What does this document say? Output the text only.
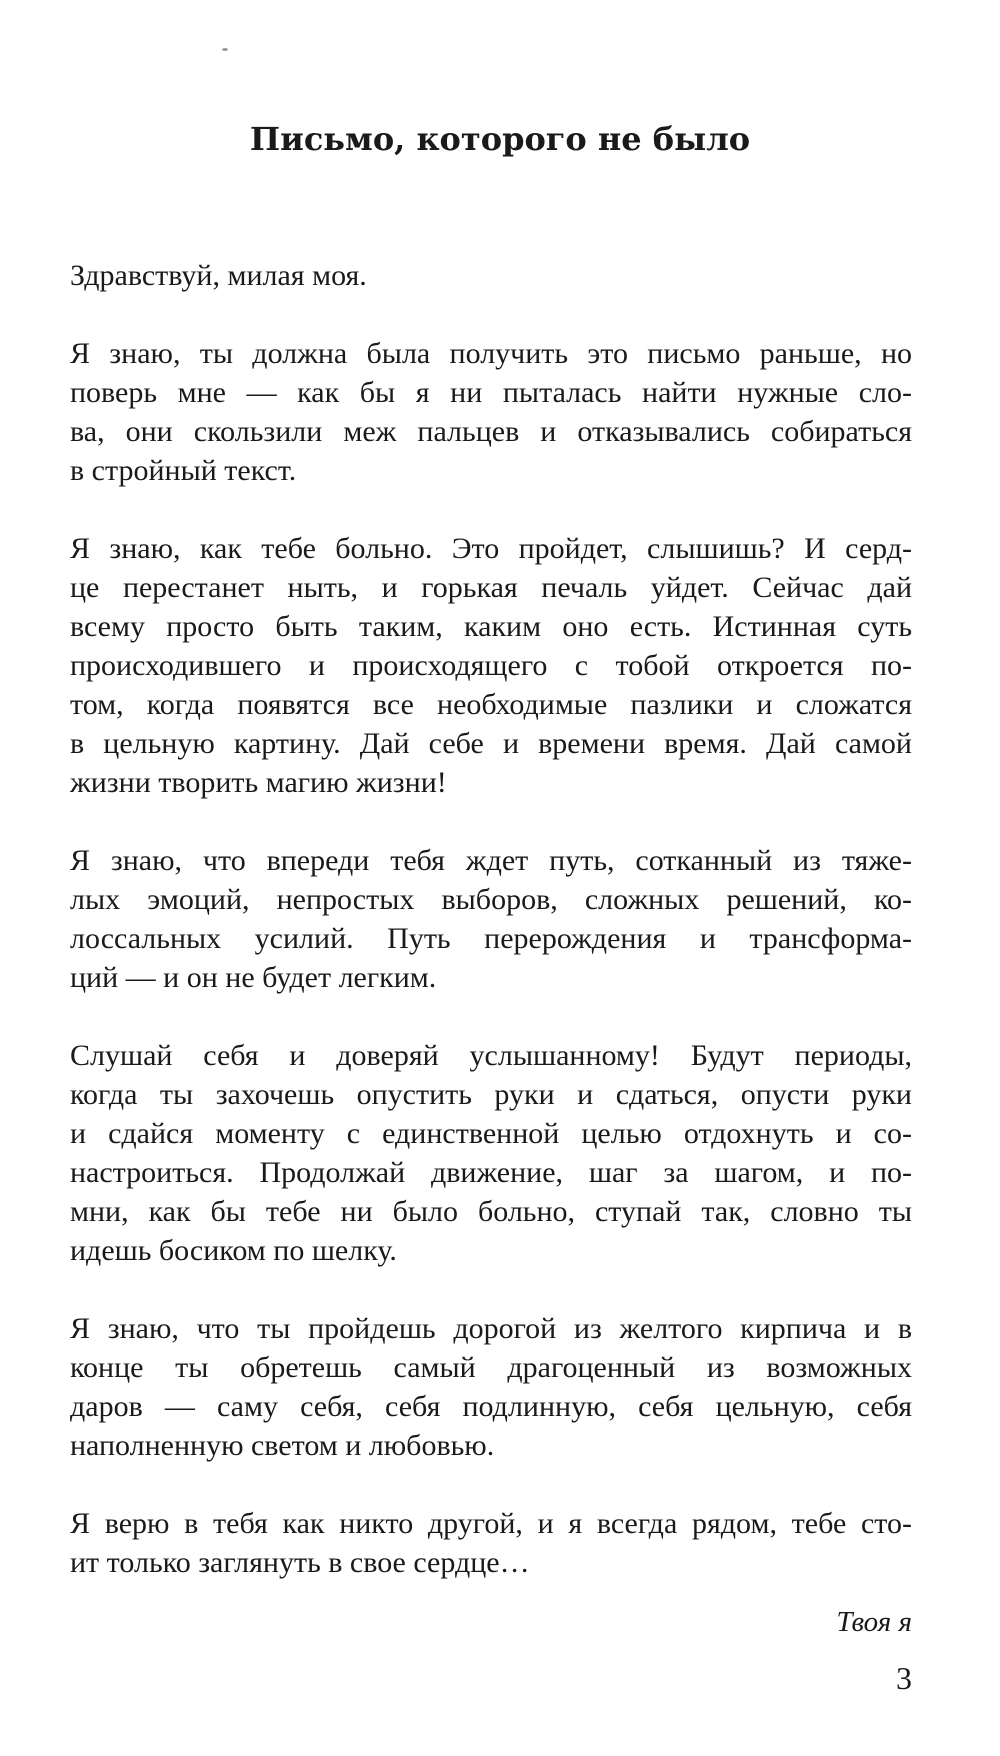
Письмо, которого не было

Здравствуй, милая моя.

Я знаю, ты должна была получить это письмо раньше, но
поверь мне — как бы я ни пыталась найти нужные сло-
ва, они скользили меж пальцев и отказывались собираться
в стройный текст.

Я знаю, как тебе больно. Это пройдет, слышишь? И серд-
це перестанет ныть, и горькая печаль уйдет. Сейчас дай
всему просто быть таким, каким оно есть. Истинная суть
происходившего и происходящего с тобой откроется по-
том, когда появятся все необходимые пазлики и сложатся
в цельную картину. Дай себе и времени время. Дай самой
жизни творить магию жизни!

Я знаю, что впереди тебя ждет путь, сотканный из тяже-
лых эмоций, непростых выборов, сложных решений, ко-
лоссальных усилий. Путь перерождения и трансформа-
ций — и он не будет легким.

Слушай себя и доверяй услышанному! Будут периоды,
когда ты захочешь опустить руки и сдаться, опусти руки
и сдайся моменту с единственной целью отдохнуть и со-
настроиться. Продолжай движение, шаг за шагом, и по-
мни, как бы тебе ни было больно, ступай так, словно ты
идешь босиком по шелку.

Я знаю, что ты пройдешь дорогой из желтого кирпича и в
конце ты обретешь самый драгоценный из возможных
даров — саму себя, себя подлинную, себя цельную, себя
наполненную светом и любовью.

Я верю в тебя как никто другой, и я всегда рядом, тебе сто-
ит только заглянуть в свое сердце…

Твоя я
3
